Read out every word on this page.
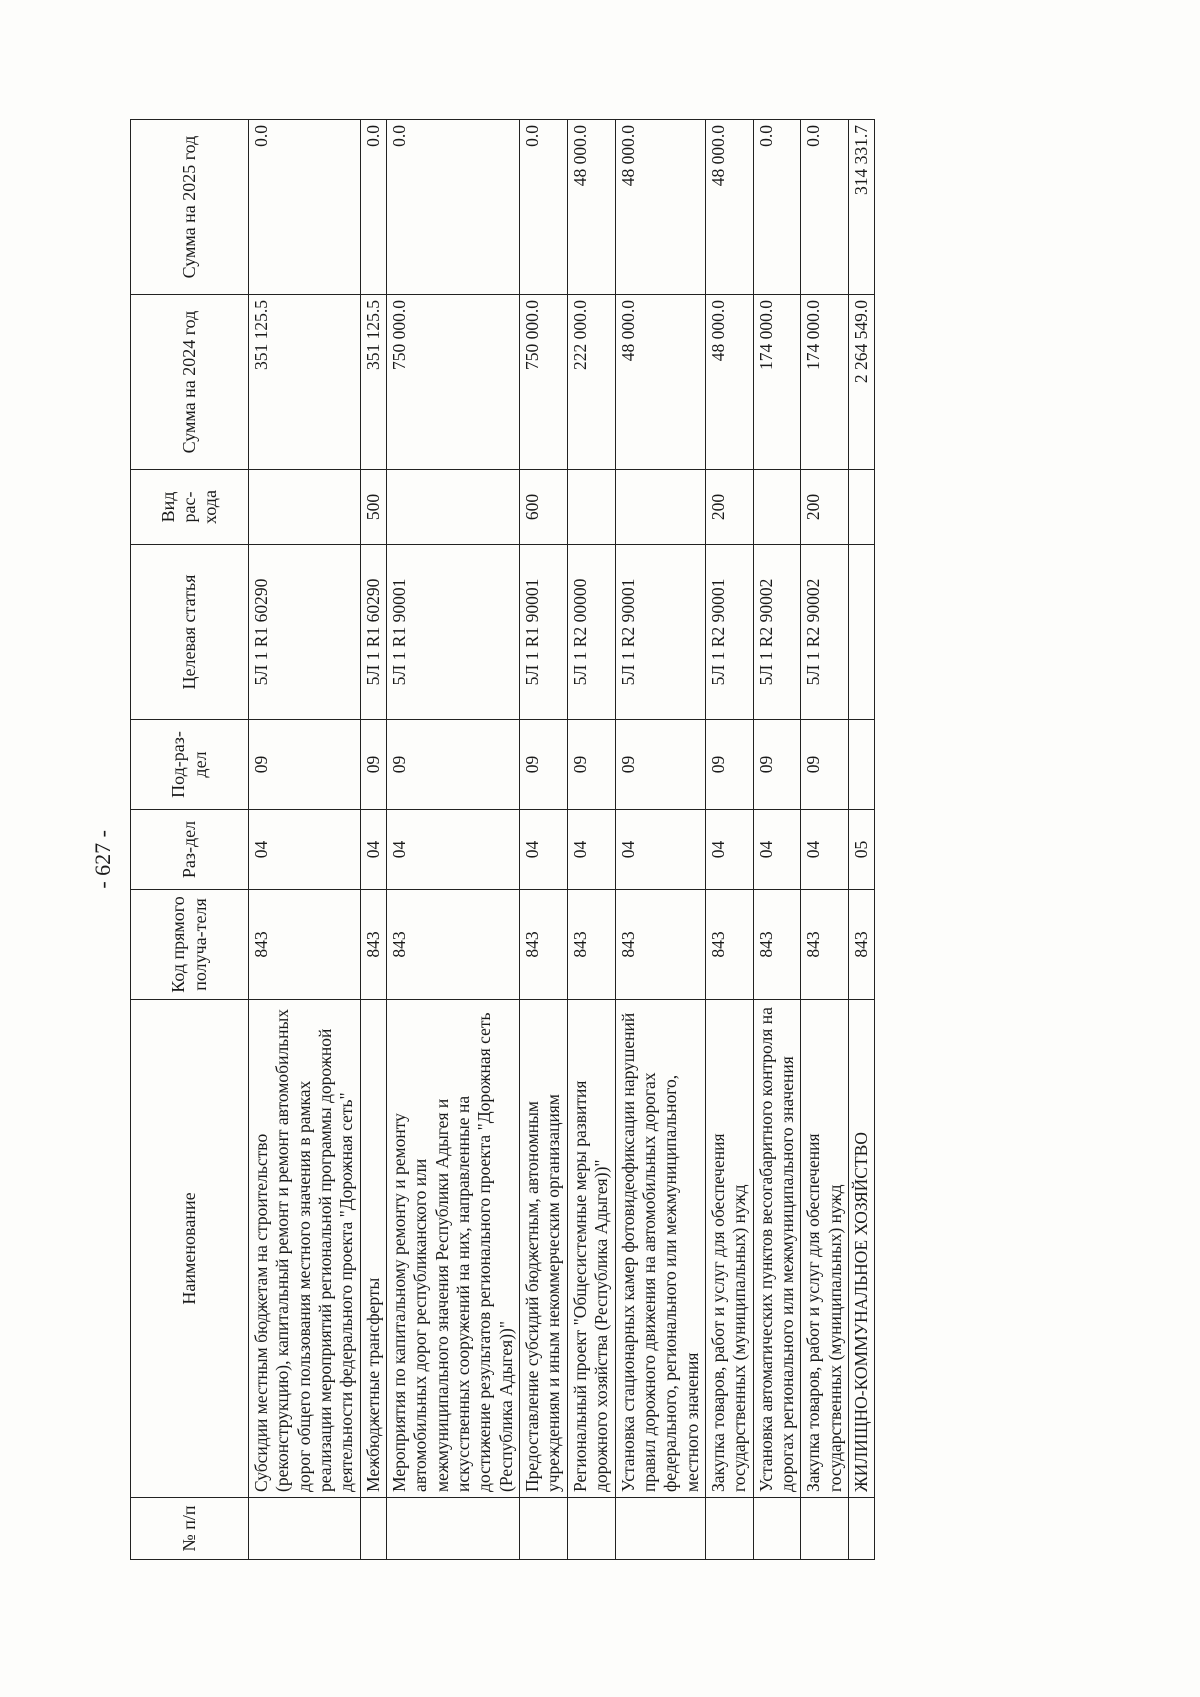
- 627 -
№ п/п	Наименование	Код прямого получа-теля	Раз-дел	Под-раз-дел	Целевая статья	Вид рас-хода	Сумма на 2024 год	Сумма на 2025 год
	Субсидии местным бюджетам на строительство (реконструкцию), капитальный ремонт и ремонт автомобильных дорог общего пользования местного значения в рамках реализации мероприятий региональной программы дорожной деятельности федерального проекта "Дорожная сеть"	843	04	09	5Л 1 R1 60290		351 125.5	0.0
	Межбюджетные трансферты	843	04	09	5Л 1 R1 60290	500	351 125.5	0.0
	Мероприятия по капитальному ремонту и ремонту автомобильных дорог республиканского или межмуниципального значения Республики Адыгея и искусственных сооружений на них, направленные на достижение результатов регионального проекта "Дорожная сеть (Республика Адыгея))"	843	04	09	5Л 1 R1 90001		750 000.0	0.0
	Предоставление субсидий бюджетным, автономным учреждениям и иным некоммерческим организациям	843	04	09	5Л 1 R1 90001	600	750 000.0	0.0
	Региональный проект "Общесистемные меры развития дорожного хозяйства (Республика Адыгея))"	843	04	09	5Л 1 R2 00000		222 000.0	48 000.0
	Установка стационарных камер фотовидеофиксации нарушений правил дорожного движения на автомобильных дорогах федерального, регионального или межмуниципального, местного значения	843	04	09	5Л 1 R2 90001		48 000.0	48 000.0
	Закупка товаров, работ и услуг для обеспечения государственных (муниципальных) нужд	843	04	09	5Л 1 R2 90001	200	48 000.0	48 000.0
	Установка автоматических пунктов весогабаритного контроля на дорогах регионального или межмуниципального значения	843	04	09	5Л 1 R2 90002		174 000.0	0.0
	Закупка товаров, работ и услуг для обеспечения государственных (муниципальных) нужд	843	04	09	5Л 1 R2 90002	200	174 000.0	0.0
	ЖИЛИЩНО-КОММУНАЛЬНОЕ ХОЗЯЙСТВО	843	05				2 264 549.0	314 331.7
